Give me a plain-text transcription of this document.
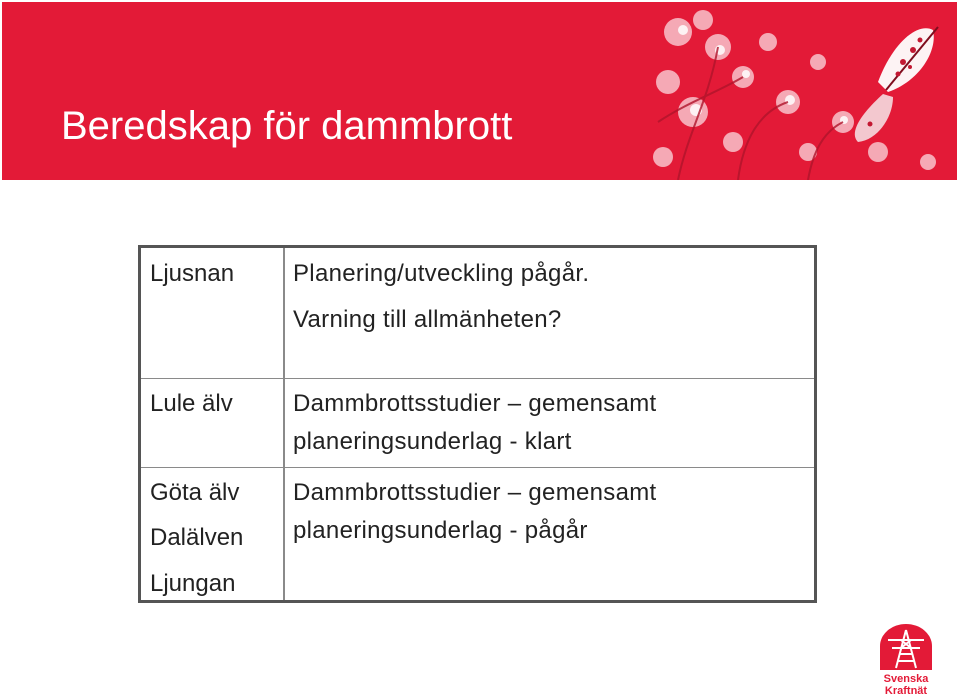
Beredskap för dammbrott
Ljusnan Planering/utveckling pågår.
Varning till allmänheten?
Lule älv	Dammbrottsstudier – gemensamt
planeringsunderlag - klart
Göta älv
Dalälven
Ljungan
Dammbrottsstudier – gemensamt
planeringsunderlag - pågår
Svenska
Kraftnät
